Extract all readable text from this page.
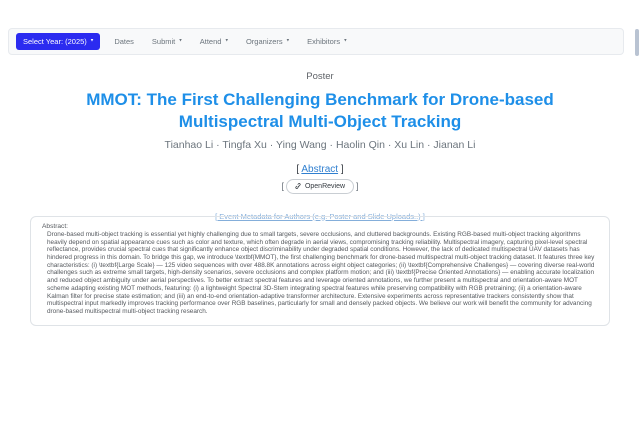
Select Year: (2025) ▾	Dates Submit ▾ Attend ▾ Organizers ▾ Exhibitors ▾
Poster
MMOT: The First Challenging Benchmark for Drone-based Multispectral Multi-Object Tracking
Tianhao Li · Tingfa Xu · Ying Wang · Haolin Qin · Xu Lin · Jianan Li
[ Abstract ]
[	OpenReview ]
[ Event Metadata for Authors (e.g. Poster and Slide Uploads..) ]
Abstract:
Drone-based multi-object tracking is essential yet highly challenging due to small targets, severe occlusions, and cluttered backgrounds. Existing RGB-based multi-object tracking algorithms heavily depend on spatial appearance cues such as color and texture, which often degrade in aerial views, compromising tracking reliability. Multispectral imagery, capturing pixel-level spectral reflectance, provides crucial spectral cues that significantly enhance object discriminability under degraded spatial conditions. However, the lack of dedicated multispectral UAV datasets has hindered progress in this domain. To bridge this gap, we introduce \textbf{MMOT}, the first challenging benchmark for drone-based multispectral multi-object tracking dataset. It features three key characteristics: (i) \textbf{Large Scale} — 125 video sequences with over 488.8K annotations across eight object categories; (ii) \textbf{Comprehensive Challenges} — covering diverse real-world challenges such as extreme small targets, high-density scenarios, severe occlusions and complex platform motion; and (iii) \textbf{Precise Oriented Annotations} — enabling accurate localization and reduced object ambiguity under aerial perspectives. To better extract spectral features and leverage oriented annotations, we further present a multispectral and orientation-aware MOT scheme adapting existing MOT methods, featuring: (i) a lightweight Spectral 3D-Stem integrating spectral features while preserving compatibility with RGB pretraining; (ii) a orientation-aware Kalman filter for precise state estimation; and (iii) an end-to-end orientation-adaptive transformer architecture. Extensive experiments across representative trackers consistently show that multispectral input markedly improves tracking performance over RGB baselines, particularly for small and densely packed objects. We believe our work will benefit the community for advancing drone-based multispectral multi-object tracking research.
